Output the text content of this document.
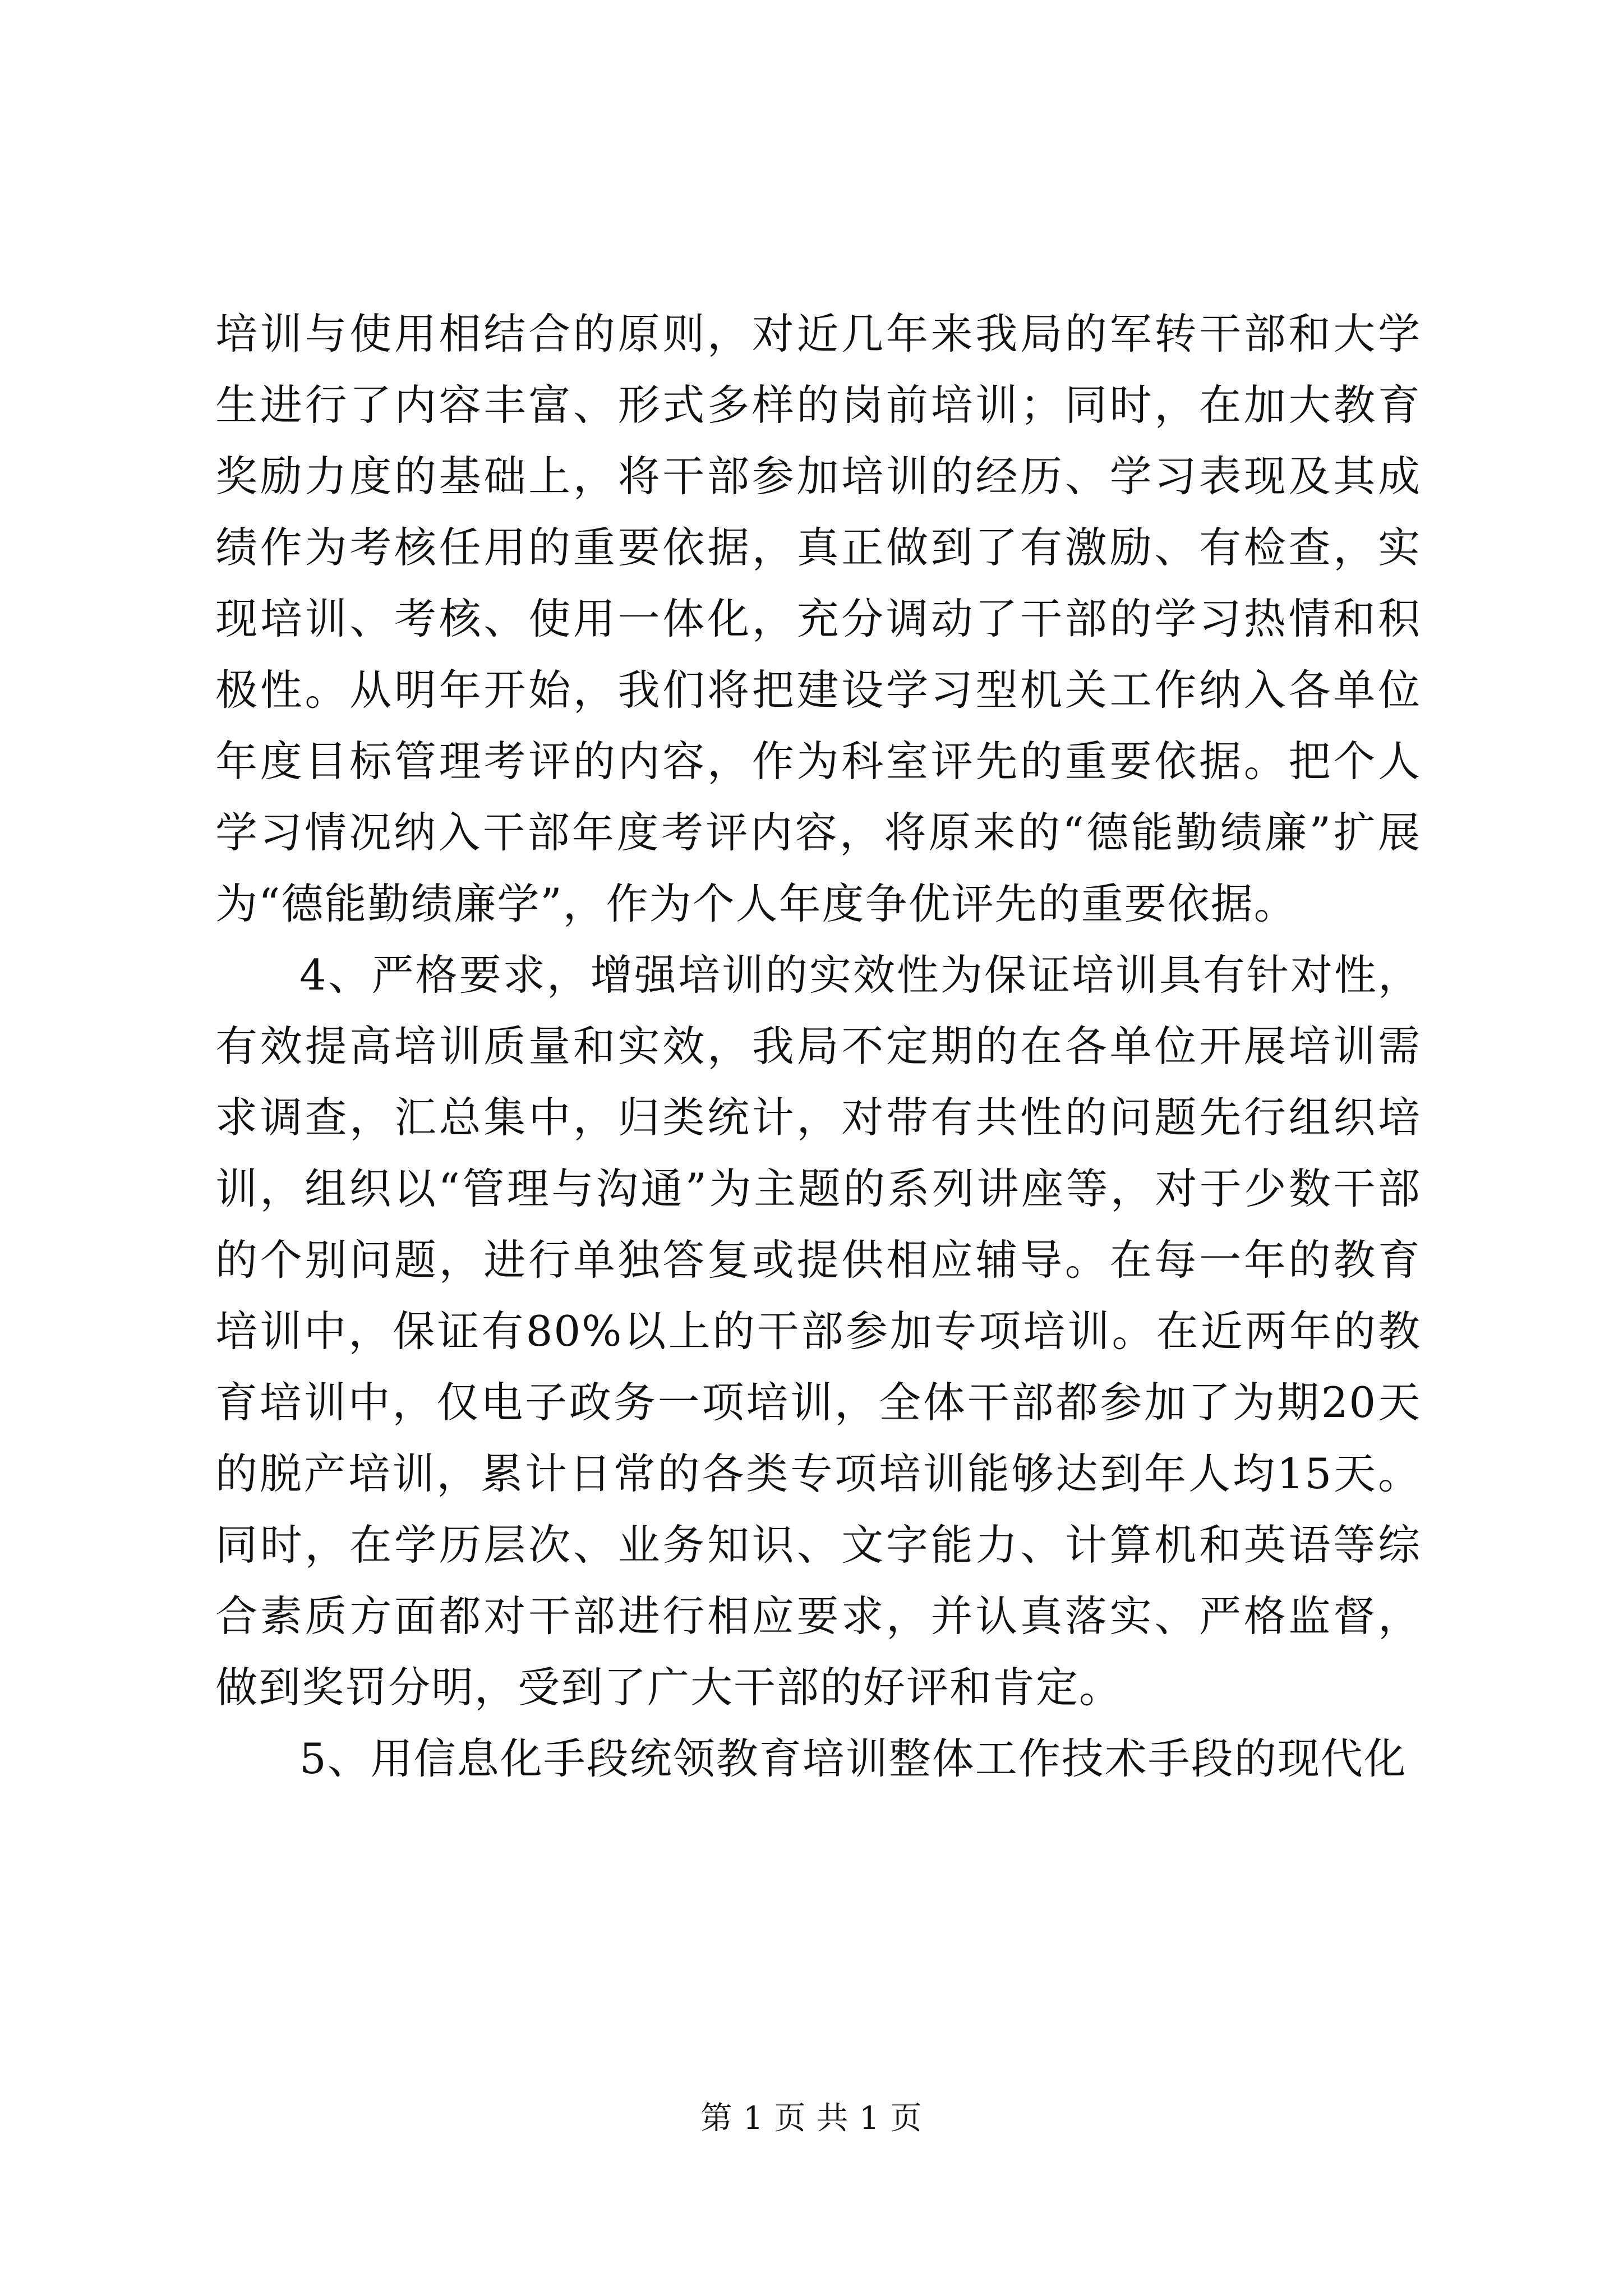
培训与使用相结合的原则，对近几年来我局的军转干部和大学生进行了内容丰富、形式多样的岗前培训；同时，在加大教育奖励力度的基础上，将干部参加培训的经历、学习表现及其成绩作为考核任用的重要依据，真正做到了有激励、有检查，实现培训、考核、使用一体化，充分调动了干部的学习热情和积极性。从明年开始，我们将把建设学习型机关工作纳入各单位年度目标管理考评的内容，作为科室评先的重要依据。把个人学习情况纳入干部年度考评内容，将原来的“德能勤绩廉”扩展为“德能勤绩廉学”，作为个人年度争优评先的重要依据。

4、严格要求，增强培训的实效性为保证培训具有针对性，有效提高培训质量和实效，我局不定期的在各单位开展培训需求调查，汇总集中，归类统计，对带有共性的问题先行组织培训，组织以“管理与沟通”为主题的系列讲座等，对于少数干部的个别问题，进行单独答复或提供相应辅导。在每一年的教育培训中，保证有80%以上的干部参加专项培训。在近两年的教育培训中，仅电子政务一项培训，全体干部都参加了为期20天的脱产培训，累计日常的各类专项培训能够达到年人均15天。同时，在学历层次、业务知识、文字能力、计算机和英语等综合素质方面都对干部进行相应要求，并认真落实、严格监督，做到奖罚分明，受到了广大干部的好评和肯定。

5、用信息化手段统领教育培训整体工作技术手段的现代化

第 1 页 共 1 页
